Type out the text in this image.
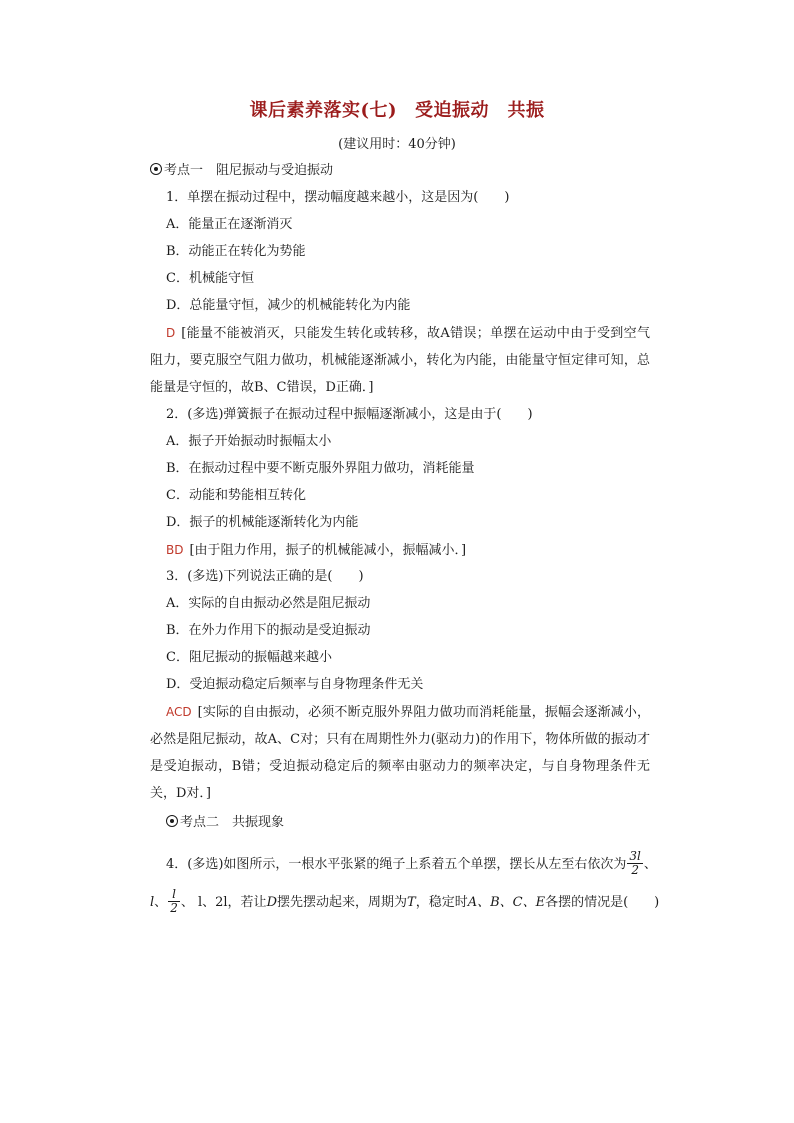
课后素养落实(七) 受迫振动　共振
(建议用时：40分钟)
考点一　阻尼振动与受迫振动
1．单摆在振动过程中，摆动幅度越来越小，这是因为(　　)
A．能量正在逐渐消灭
B．动能正在转化为势能
C．机械能守恒
D．总能量守恒，减少的机械能转化为内能
D [能量不能被消灭，只能发生转化或转移，故A错误；单摆在运动中由于受到空气阻力，要克服空气阻力做功，机械能逐渐减小，转化为内能，由能量守恒定律可知，总能量是守恒的，故B、C错误，D正确．]
2．(多选)弹簧振子在振动过程中振幅逐渐减小，这是由于(　　)
A．振子开始振动时振幅太小
B．在振动过程中要不断克服外界阻力做功，消耗能量
C．动能和势能相互转化
D．振子的机械能逐渐转化为内能
BD [由于阻力作用，振子的机械能减小，振幅减小．]
3．(多选)下列说法正确的是(　　)
A．实际的自由振动必然是阻尼振动
B．在外力作用下的振动是受迫振动
C．阻尼振动的振幅越来越小
D．受迫振动稳定后频率与自身物理条件无关
ACD [实际的自由振动，必须不断克服外界阻力做功而消耗能量，振幅会逐渐减小，必然是阻尼振动，故A、C对；只有在周期性外力(驱动力)的作用下，物体所做的振动才是受迫振动，B错；受迫振动稳定后的频率由驱动力的频率决定，与自身物理条件无关，D对．]
考点二　共振现象
4．(多选)如图所示，一根水平张紧的绳子上系着五个单摆，摆长从左至右依次为 $\frac{3l}{2}$ 、
l、 $\frac{l}{2}$ 、 l、2l，若让D摆先摆动起来，周期为T，稳定时A、B、C、E各摆的情况是(　　)
